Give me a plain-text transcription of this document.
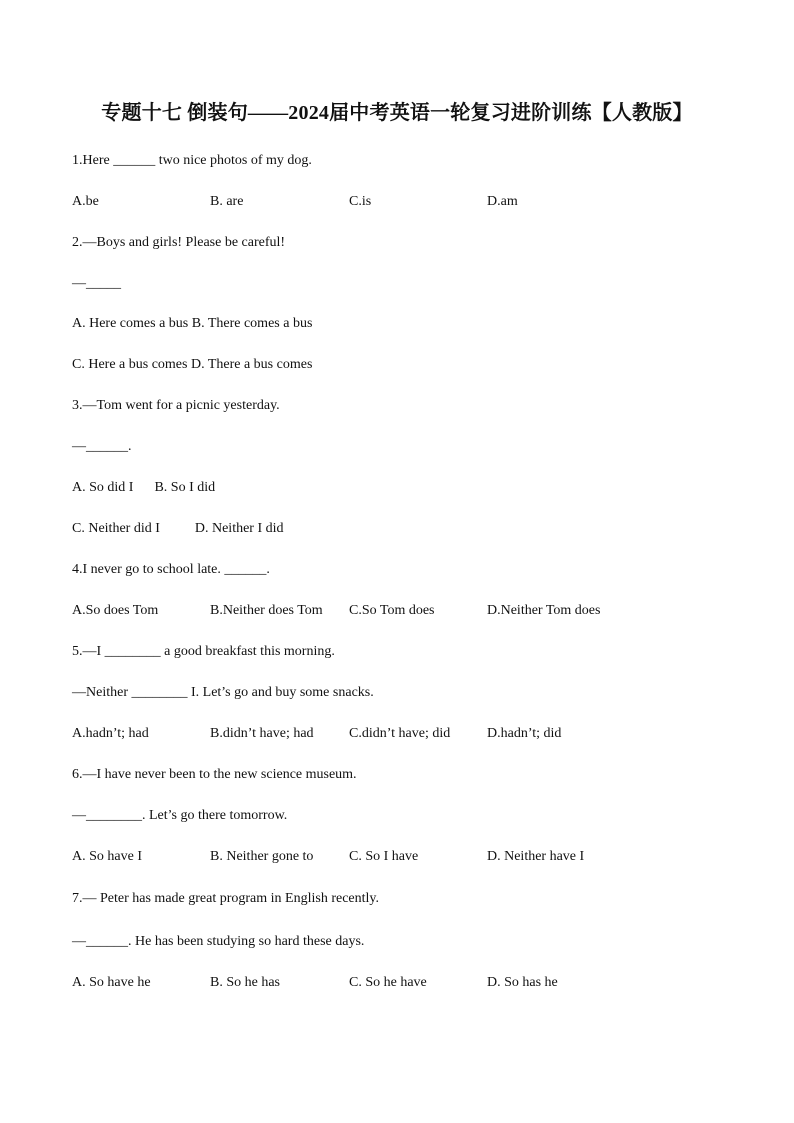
专题十七 倒装句——2024届中考英语一轮复习进阶训练【人教版】
1.Here ______ two nice photos of my dog.
A.be	B. are	C.is	D.am
2.—Boys and girls! Please be careful!
—_____
A. Here comes a bus B. There comes a bus
C. Here a bus comes D. There a bus comes
3.—Tom went for a picnic yesterday.
—______.
A. So did I      B. So I did
C. Neither did I          D. Neither I did
4.I never go to school late. ______.
A.So does Tom	B.Neither does Tom C.So Tom does	D.Neither Tom does
5.—I ________ a good breakfast this morning.
—Neither ________ I. Let’s go and buy some snacks.
A.hadn’t; had	B.didn’t have; had	C.didn’t have; did	D.hadn’t; did
6.—I have never been to the new science museum.
—________. Let’s go there tomorrow.
A. So have I	B. Neither gone to	C. So I have	D. Neither have I
7.— Peter has made great program in English recently.
—______. He has been studying so hard these days.
A. So have he	B. So he has	C. So he have	D. So has he
